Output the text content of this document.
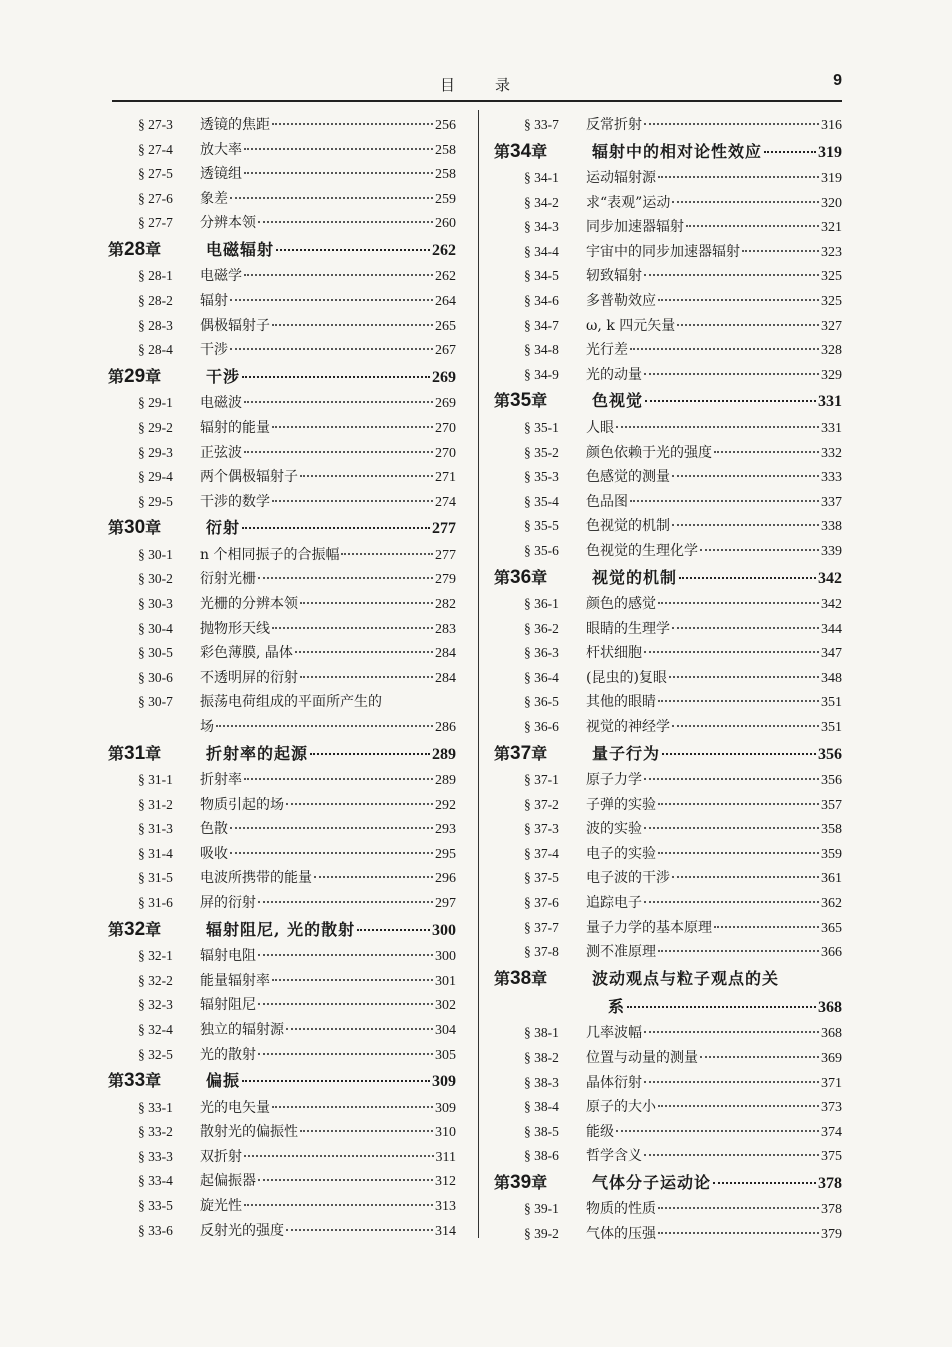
目录	9
§ 27-3	透镜的焦距	256
§ 27-4	放大率	258
§ 27-5	透镜组	258
§ 27-6	象差	259
§ 27-7	分辨本领	260
第28章	电磁辐射	262
§ 28-1	电磁学	262
§ 28-2	辐射	264
§ 28-3	偶极辐射子	265
§ 28-4	干涉	267
第29章	干涉	269
§ 29-1	电磁波	269
§ 29-2	辐射的能量	270
§ 29-3	正弦波	270
§ 29-4	两个偶极辐射子	271
§ 29-5	干涉的数学	274
第30章	衍射	277
§ 30-1	n 个相同振子的合振幅	277
§ 30-2	衍射光栅	279
§ 30-3	光栅的分辨本领	282
§ 30-4	抛物形天线	283
§ 30-5	彩色薄膜, 晶体	284
§ 30-6	不透明屏的衍射	284
§ 30-7	振荡电荷组成的平面所产生的
场	286
第31章	折射率的起源	289
§ 31-1	折射率	289
§ 31-2	物质引起的场	292
§ 31-3	色散	293
§ 31-4	吸收	295
§ 31-5	电波所携带的能量	296
§ 31-6	屏的衍射	297
第32章	辐射阻尼, 光的散射	300
§ 32-1	辐射电阻	300
§ 32-2	能量辐射率	301
§ 32-3	辐射阻尼	302
§ 32-4	独立的辐射源	304
§ 32-5	光的散射	305
第33章	偏振	309
§ 33-1	光的电矢量	309
§ 33-2	散射光的偏振性	310
§ 33-3	双折射	311
§ 33-4	起偏振器	312
§ 33-5	旋光性	313
§ 33-6	反射光的强度	314
§ 33-7	反常折射	316
第34章	辐射中的相对论性效应	319
§ 34-1	运动辐射源	319
§ 34-2	求“表观”运动	320
§ 34-3	同步加速器辐射	321
§ 34-4	宇宙中的同步加速器辐射	323
§ 34-5	轫致辐射	325
§ 34-6	多普勒效应	325
§ 34-7	ω, k 四元矢量	327
§ 34-8	光行差	328
§ 34-9	光的动量	329
第35章	色视觉	331
§ 35-1	人眼	331
§ 35-2	颜色依赖于光的强度	332
§ 35-3	色感觉的测量	333
§ 35-4	色品图	337
§ 35-5	色视觉的机制	338
§ 35-6	色视觉的生理化学	339
第36章	视觉的机制	342
§ 36-1	颜色的感觉	342
§ 36-2	眼睛的生理学	344
§ 36-3	杆状细胞	347
§ 36-4	(昆虫的)复眼	348
§ 36-5	其他的眼睛	351
§ 36-6	视觉的神经学	351
第37章	量子行为	356
§ 37-1	原子力学	356
§ 37-2	子弹的实验	357
§ 37-3	波的实验	358
§ 37-4	电子的实验	359
§ 37-5	电子波的干涉	361
§ 37-6	追踪电子	362
§ 37-7	量子力学的基本原理	365
§ 37-8	测不准原理	366
第38章	波动观点与粒子观点的关
系	368
§ 38-1	几率波幅	368
§ 38-2	位置与动量的测量	369
§ 38-3	晶体衍射	371
§ 38-4	原子的大小	373
§ 38-5	能级	374
§ 38-6	哲学含义	375
第39章	气体分子运动论	378
§ 39-1	物质的性质	378
§ 39-2	气体的压强	379
